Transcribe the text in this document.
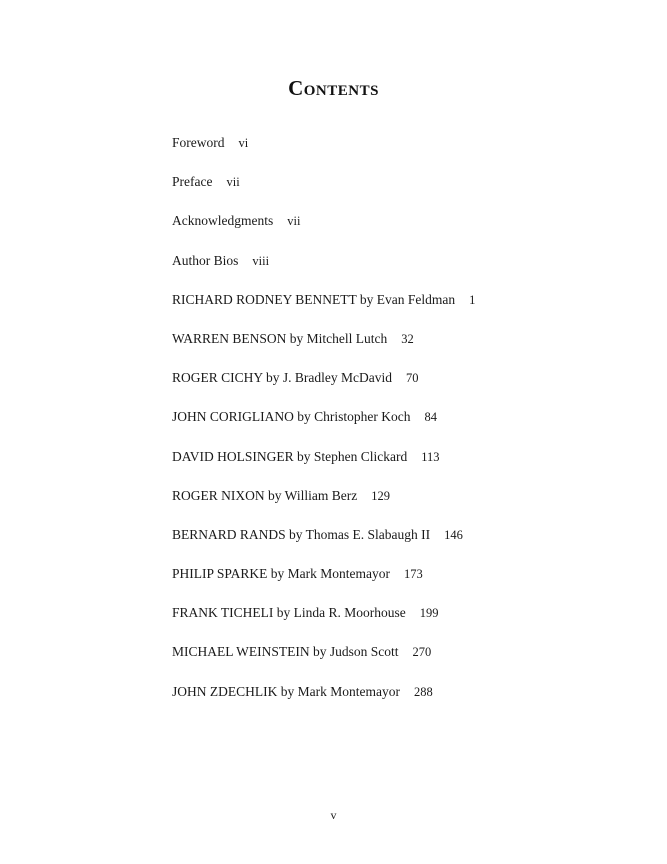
Contents
Foreword vi
Preface vii
Acknowledgments vii
Author Bios viii
RICHARD RODNEY BENNETT by Evan Feldman 1
WARREN BENSON by Mitchell Lutch 32
ROGER CICHY by J. Bradley McDavid 70
JOHN CORIGLIANO by Christopher Koch 84
DAVID HOLSINGER by Stephen Clickard 113
ROGER NIXON by William Berz 129
BERNARD RANDS by Thomas E. Slabaugh II 146
PHILIP SPARKE by Mark Montemayor 173
FRANK TICHELI by Linda R. Moorhouse 199
MICHAEL WEINSTEIN by Judson Scott 270
JOHN ZDECHLIK by Mark Montemayor 288
v
